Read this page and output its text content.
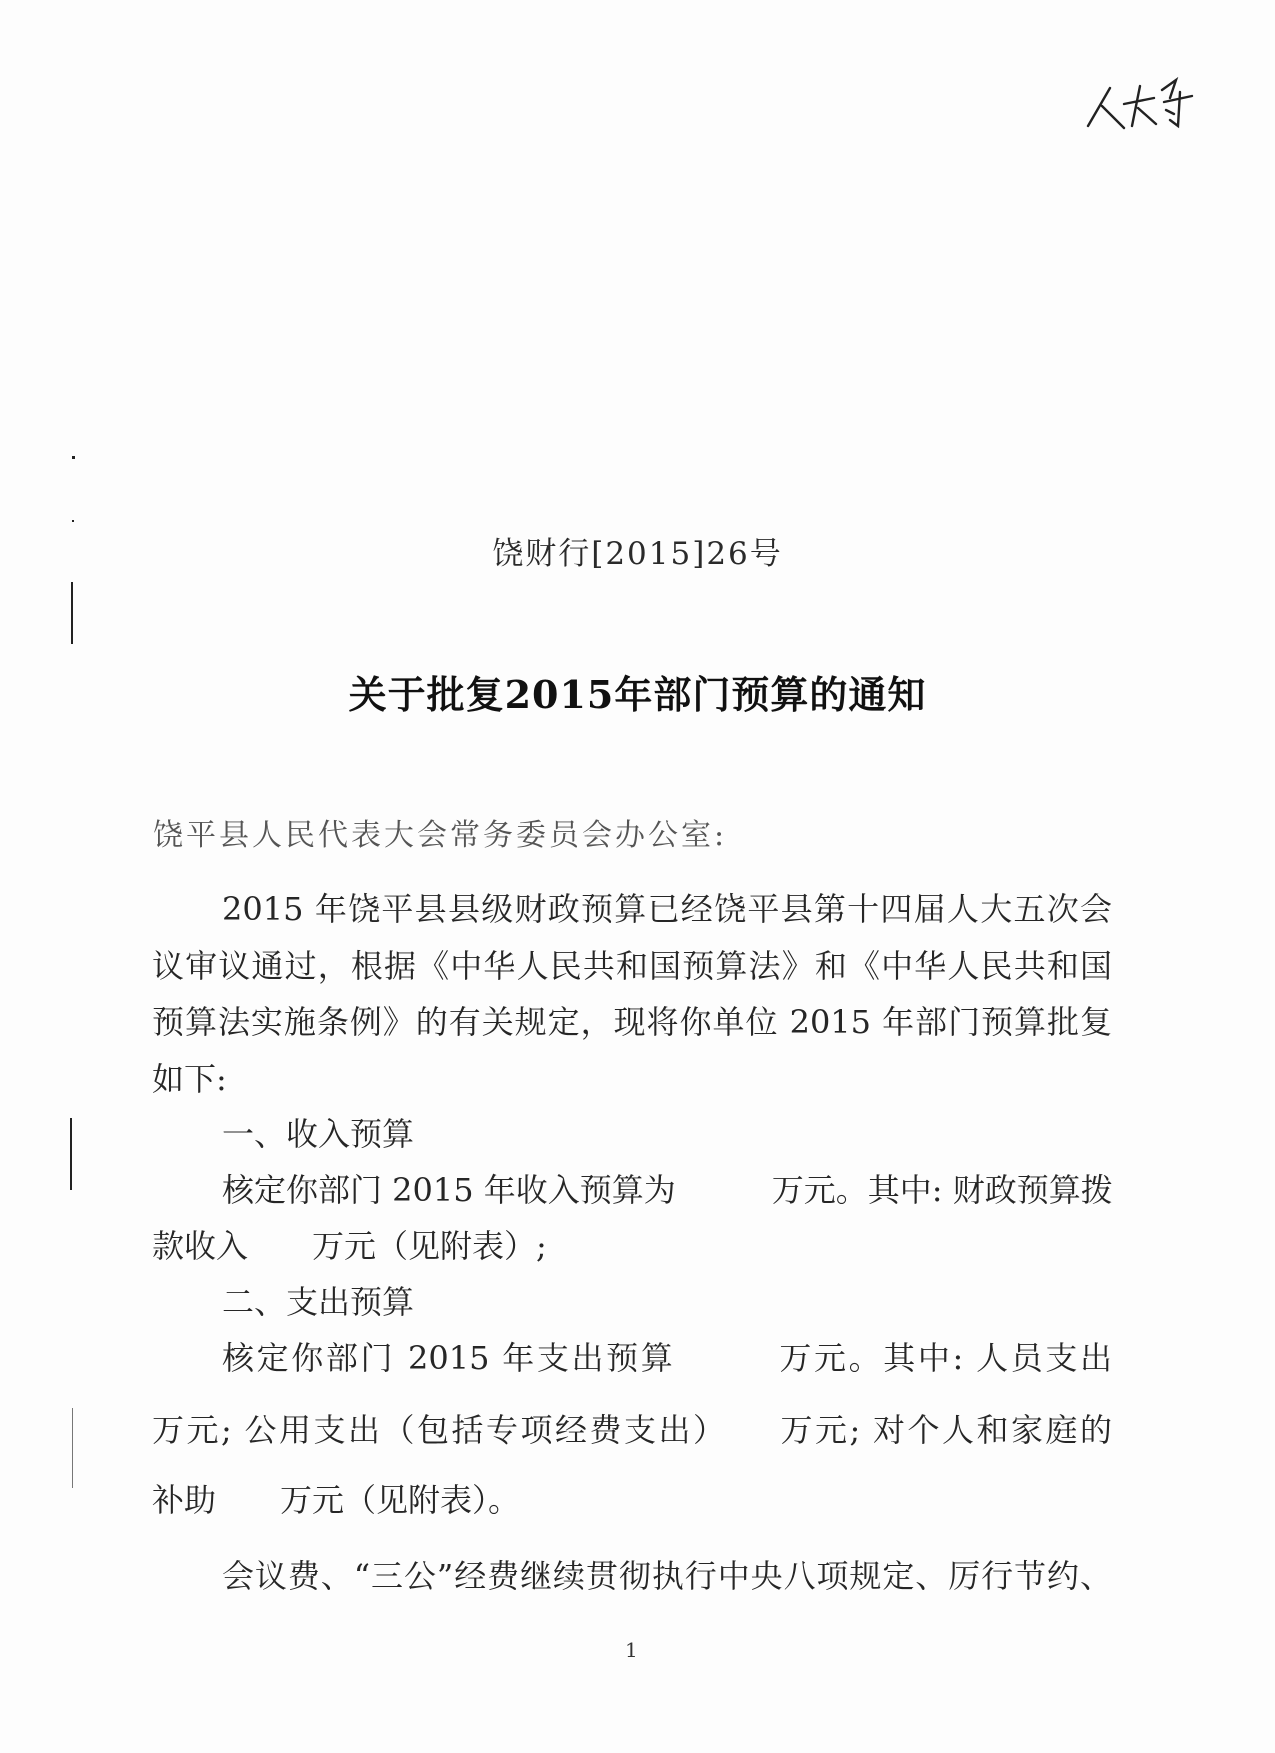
饶财行[2015]26号
关于批复2015年部门预算的通知
饶平县人民代表大会常务委员会办公室:
2015 年饶平县县级财政预算已经饶平县第十四届人大五次会
议审议通过，根据《中华人民共和国预算法》和《中华人民共和国
预算法实施条例》的有关规定，现将你单位 2015 年部门预算批复
如下:
一、收入预算
核定你部门 2015 年收入预算为　　　万元。其中: 财政预算拨
款收入　　万元（见附表）;
二、支出预算
核定你部门 2015 年支出预算　　　万元。其中: 人员支出
万元; 公用支出（包括专项经费支出）　　万元; 对个人和家庭的
补助　　万元（见附表）。
会议费、“三公”经费继续贯彻执行中央八项规定、厉行节约、
1
